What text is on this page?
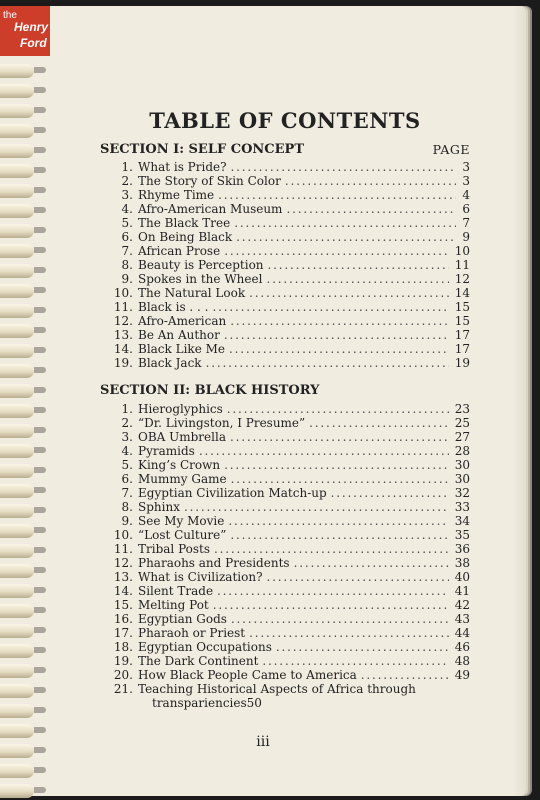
the
Henry
Ford
TABLE OF CONTENTS
SECTION I: SELF CONCEPT	PAGE
1. What is Pride? . . .	3
2. The Story of Skin Color . . .	3
3. Rhyme Time . . .	4
4. Afro-American Museum . . .	6
5. The Black Tree . . .	7
6. On Being Black . . .	9
7. African Prose . . .	10
8. Beauty is Perception . . .	11
9. Spokes in the Wheel . . .	12
10. The Natural Look . . .	14
11. Black is . . . . . .	15
12. Afro-American . . .	15
13. Be An Author . . .	17
14. Black Like Me . . .	17
19. Black Jack . . .	19
SECTION II: BLACK HISTORY
1. Hieroglyphics . . .	23
2. “Dr. Livingston, I Presume” . . .	25
3. OBA Umbrella . . .	27
4. Pyramids . . .	28
5. King’s Crown . . .	30
6. Mummy Game . . .	30
7. Egyptian Civilization Match-up . . .	32
8. Sphinx . . .	33
9. See My Movie . . .	34
10. “Lost Culture” . . .	35
11. Tribal Posts . . .	36
12. Pharaohs and Presidents . . .	38
13. What is Civilization? . . .	40
14. Silent Trade . . .	41
15. Melting Pot . . .	42
16. Egyptian Gods . . .	43
17. Pharaoh or Priest . . .	44
18. Egyptian Occupations . . .	46
19. The Dark Continent . . .	48
20. How Black People Came to America . . .	49
21. Teaching Historical Aspects of Africa through
transpariencies 50
iii
